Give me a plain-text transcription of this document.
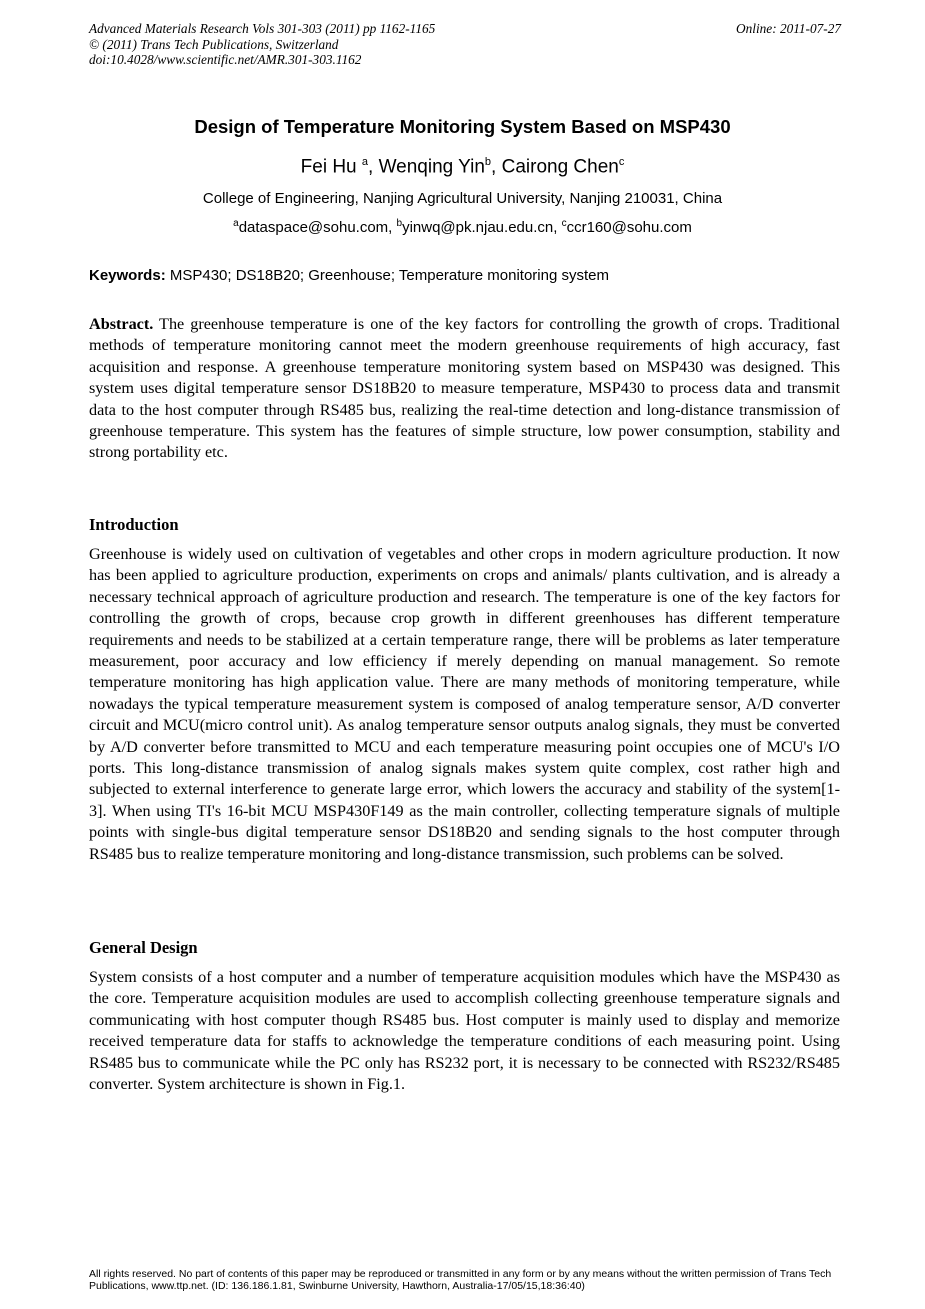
Advanced Materials Research Vols 301-303 (2011) pp 1162-1165
© (2011) Trans Tech Publications, Switzerland
doi:10.4028/www.scientific.net/AMR.301-303.1162
Online: 2011-07-27
Design of Temperature Monitoring System Based on MSP430
Fei Hu $^a$, Wenqing Yin$^b$, Cairong Chen$^c$
College of Engineering, Nanjing Agricultural University, Nanjing 210031, China
$^a$dataspace@sohu.com, $^b$yinwq@pk.njau.edu.cn, $^c$ccr160@sohu.com
Keywords: MSP430; DS18B20; Greenhouse; Temperature monitoring system
Abstract. The greenhouse temperature is one of the key factors for controlling the growth of crops. Traditional methods of temperature monitoring cannot meet the modern greenhouse requirements of high accuracy, fast acquisition and response. A greenhouse temperature monitoring system based on MSP430 was designed. This system uses digital temperature sensor DS18B20 to measure temperature, MSP430 to process data and transmit data to the host computer through RS485 bus, realizing the real-time detection and long-distance transmission of greenhouse temperature. This system has the features of simple structure, low power consumption, stability and strong portability etc.
Introduction
Greenhouse is widely used on cultivation of vegetables and other crops in modern agriculture production. It now has been applied to agriculture production, experiments on crops and animals/ plants cultivation, and is already a necessary technical approach of agriculture production and research. The temperature is one of the key factors for controlling the growth of crops, because crop growth in different greenhouses has different temperature requirements and needs to be stabilized at a certain temperature range, there will be problems as later temperature measurement, poor accuracy and low efficiency if merely depending on manual management. So remote temperature monitoring has high application value. There are many methods of monitoring temperature, while nowadays the typical temperature measurement system is composed of analog temperature sensor, A/D converter circuit and MCU(micro control unit). As analog temperature sensor outputs analog signals, they must be converted by A/D converter before transmitted to MCU and each temperature measuring point occupies one of MCU's I/O ports. This long-distance transmission of analog signals makes system quite complex, cost rather high and subjected to external interference to generate large error, which lowers the accuracy and stability of the system[1-3]. When using TI's 16-bit MCU MSP430F149 as the main controller, collecting temperature signals of multiple points with single-bus digital temperature sensor DS18B20 and sending signals to the host computer through RS485 bus to realize temperature monitoring and long-distance transmission, such problems can be solved.
General Design
System consists of a host computer and a number of temperature acquisition modules which have the MSP430 as the core. Temperature acquisition modules are used to accomplish collecting greenhouse temperature signals and communicating with host computer though RS485 bus. Host computer is mainly used to display and memorize received temperature data for staffs to acknowledge the temperature conditions of each measuring point. Using RS485 bus to communicate while the PC only has RS232 port, it is necessary to be connected with RS232/RS485 converter. System architecture is shown in Fig.1.
All rights reserved. No part of contents of this paper may be reproduced or transmitted in any form or by any means without the written permission of Trans Tech Publications, www.ttp.net. (ID: 136.186.1.81, Swinburne University, Hawthorn, Australia-17/05/15,18:36:40)
